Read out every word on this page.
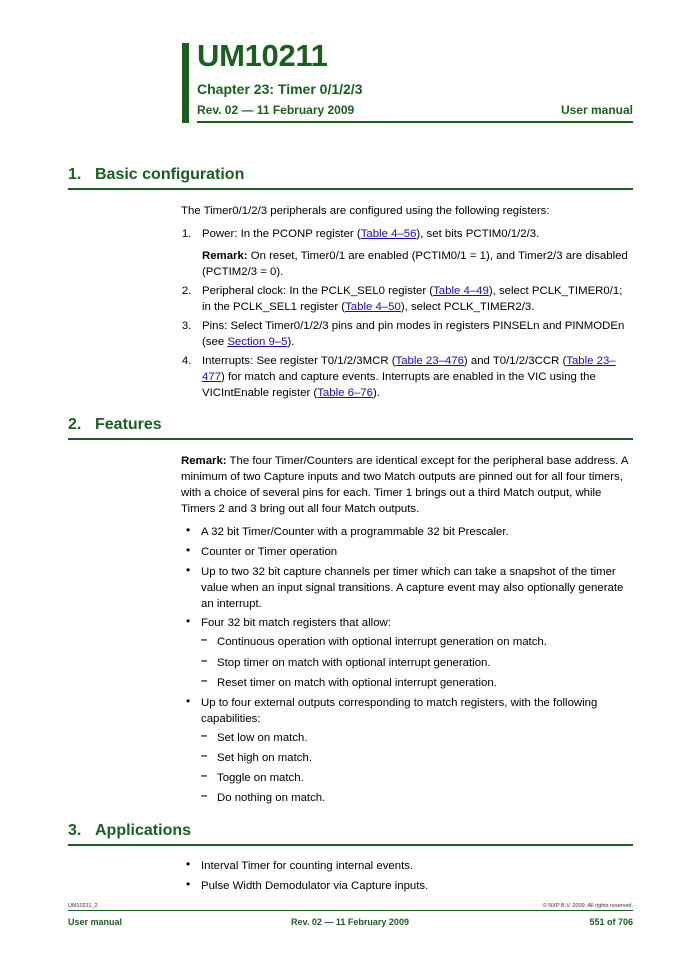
UM10211
Chapter 23: Timer 0/1/2/3
Rev. 02 — 11 February 2009	User manual
1. Basic configuration
The Timer0/1/2/3 peripherals are configured using the following registers:
1. Power: In the PCONP register (Table 4–56), set bits PCTIM0/1/2/3.
Remark: On reset, Timer0/1 are enabled (PCTIM0/1 = 1), and Timer2/3 are disabled (PCTIM2/3 = 0).
2. Peripheral clock: In the PCLK_SEL0 register (Table 4–49), select PCLK_TIMER0/1; in the PCLK_SEL1 register (Table 4–50), select PCLK_TIMER2/3.
3. Pins: Select Timer0/1/2/3 pins and pin modes in registers PINSELn and PINMODEn (see Section 9–5).
4. Interrupts: See register T0/1/2/3MCR (Table 23–476) and T0/1/2/3CCR (Table 23–477) for match and capture events. Interrupts are enabled in the VIC using the VICIntEnable register (Table 6–76).
2. Features
Remark: The four Timer/Counters are identical except for the peripheral base address. A minimum of two Capture inputs and two Match outputs are pinned out for all four timers, with a choice of several pins for each. Timer 1 brings out a third Match output, while Timers 2 and 3 bring out all four Match outputs.
• A 32 bit Timer/Counter with a programmable 32 bit Prescaler.
• Counter or Timer operation
• Up to two 32 bit capture channels per timer which can take a snapshot of the timer value when an input signal transitions. A capture event may also optionally generate an interrupt.
• Four 32 bit match registers that allow:
– Continuous operation with optional interrupt generation on match.
– Stop timer on match with optional interrupt generation.
– Reset timer on match with optional interrupt generation.
• Up to four external outputs corresponding to match registers, with the following capabilities:
– Set low on match.
– Set high on match.
– Toggle on match.
– Do nothing on match.
3. Applications
• Interval Timer for counting internal events.
• Pulse Width Demodulator via Capture inputs.
UM10211_2	© NXP B.V. 2009. All rights reserved.
User manual	Rev. 02 — 11 February 2009	551 of 706
